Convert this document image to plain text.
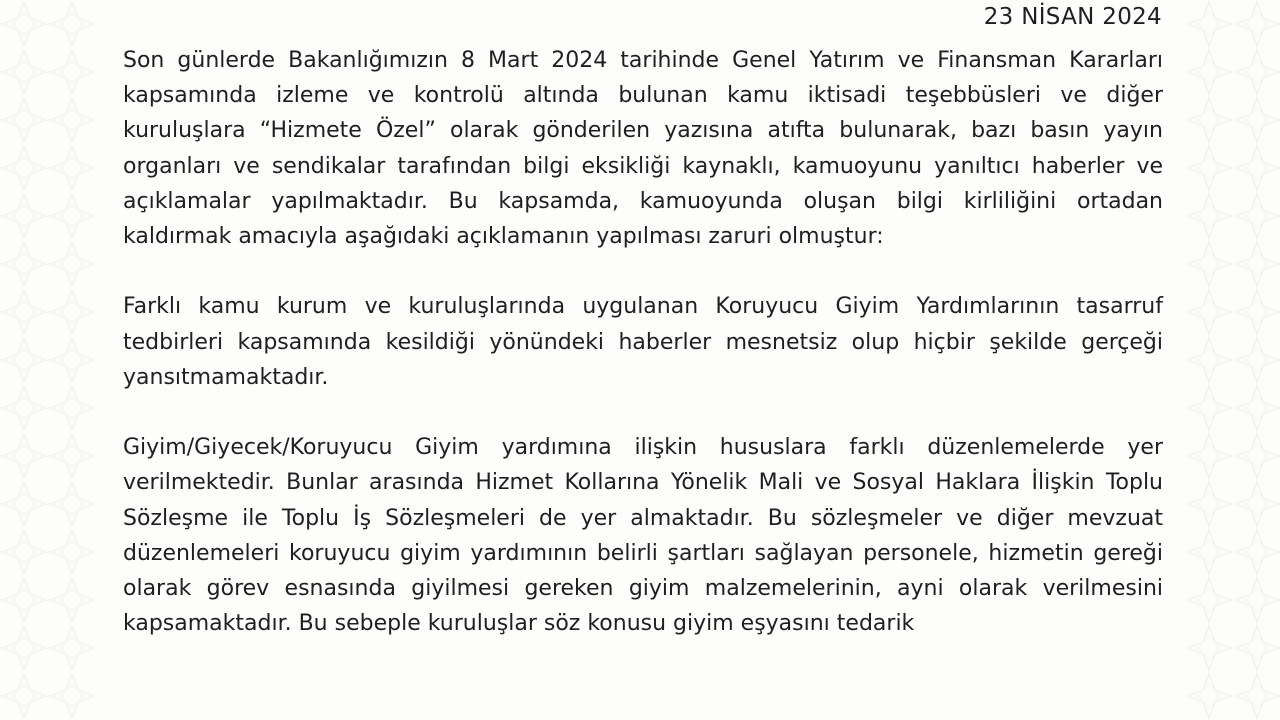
23 NİSAN 2024

Son günlerde Bakanlığımızın 8 Mart 2024 tarihinde Genel Yatırım ve Finansman Kararları kapsamında izleme ve kontrolü altında bulunan kamu iktisadi teşebbüsleri ve diğer kuruluşlara “Hizmete Özel” olarak gönderilen yazısına atıfta bulunarak, bazı basın yayın organları ve sendikalar tarafından bilgi eksikliği kaynaklı, kamuoyunu yanıltıcı haberler ve açıklamalar yapılmaktadır. Bu kapsamda, kamuoyunda oluşan bilgi kirliliğini ortadan kaldırmak amacıyla aşağıdaki açıklamanın yapılması zaruri olmuştur:

Farklı kamu kurum ve kuruluşlarında uygulanan Koruyucu Giyim Yardımlarının tasarruf tedbirleri kapsamında kesildiği yönündeki haberler mesnetsiz olup hiçbir şekilde gerçeği yansıtmamaktadır.

Giyim/Giyecek/Koruyucu Giyim yardımına ilişkin hususlara farklı düzenlemelerde yer verilmektedir. Bunlar arasında Hizmet Kollarına Yönelik Mali ve Sosyal Haklara İlişkin Toplu Sözleşme ile Toplu İş Sözleşmeleri de yer almaktadır. Bu sözleşmeler ve diğer mevzuat düzenlemeleri koruyucu giyim yardımının belirli şartları sağlayan personele, hizmetin gereği olarak görev esnasında giyilmesi gereken giyim malzemelerinin, ayni olarak verilmesini kapsamaktadır. Bu sebeple kuruluşlar söz konusu giyim eşyasını tedarik
